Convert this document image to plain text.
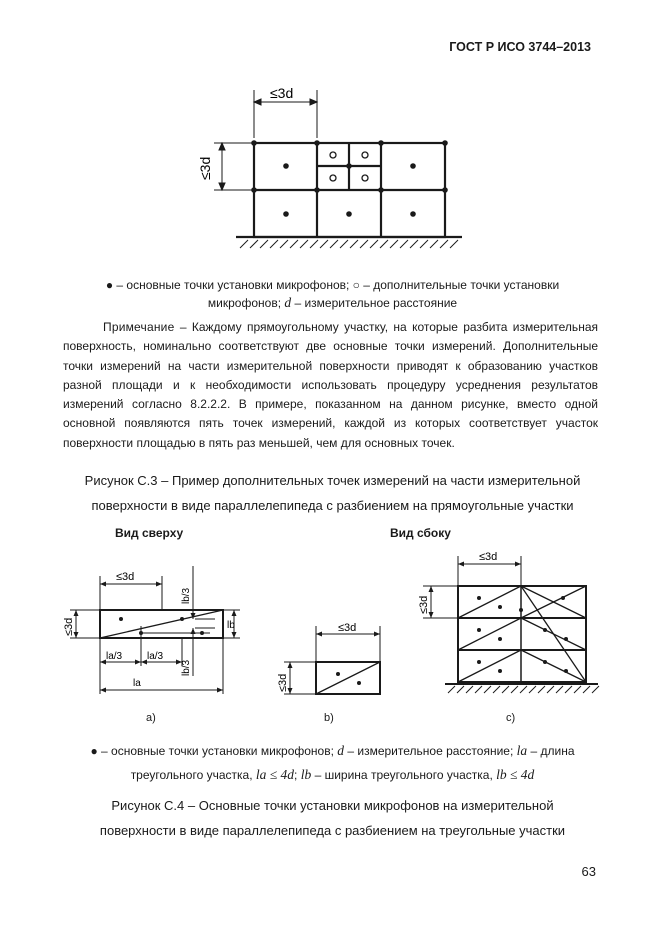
ГОСТ Р ИСО 3744–2013
≤3d
≤3d
● – основные точки установки микрофонов; ○ – дополнительные точки установки
микрофонов; d – измерительное расстояние
Примечание – Каждому прямоугольному участку, на которые разбита измерительная поверхность, номинально соответствуют две основные точки измерений. Дополнительные точки измерений на части измерительной поверхности приводят к образованию участков разной площади и к необходимости использовать процедуру усреднения результатов измерений согласно 8.2.2.2. В примере, показанном на данном рисунке, вместо одной основной появляются пять точек измерений, каждой из которых соответствует участок поверхности площадью в пять раз меньшей, чем для основных точек.
Рисунок С.3 – Пример дополнительных точек измерений на части измерительной
поверхности в виде параллелепипеда с разбиением на прямоугольные участки
Вид сверху	Вид сбоку
≤3d
≤3d
lb/3
lb/3
lb
la/3 la/3
la
≤3d
≤3d
≤3d
≤3d
а)	b)	c)
● – основные точки установки микрофонов; d – измерительное расстояние; la – длина
треугольного участка, la ≤ 4d; lb – ширина треугольного участка, lb ≤ 4d
Рисунок С.4 – Основные точки установки микрофонов на измерительной
поверхности в виде параллелепипеда с разбиением на треугольные участки
63
